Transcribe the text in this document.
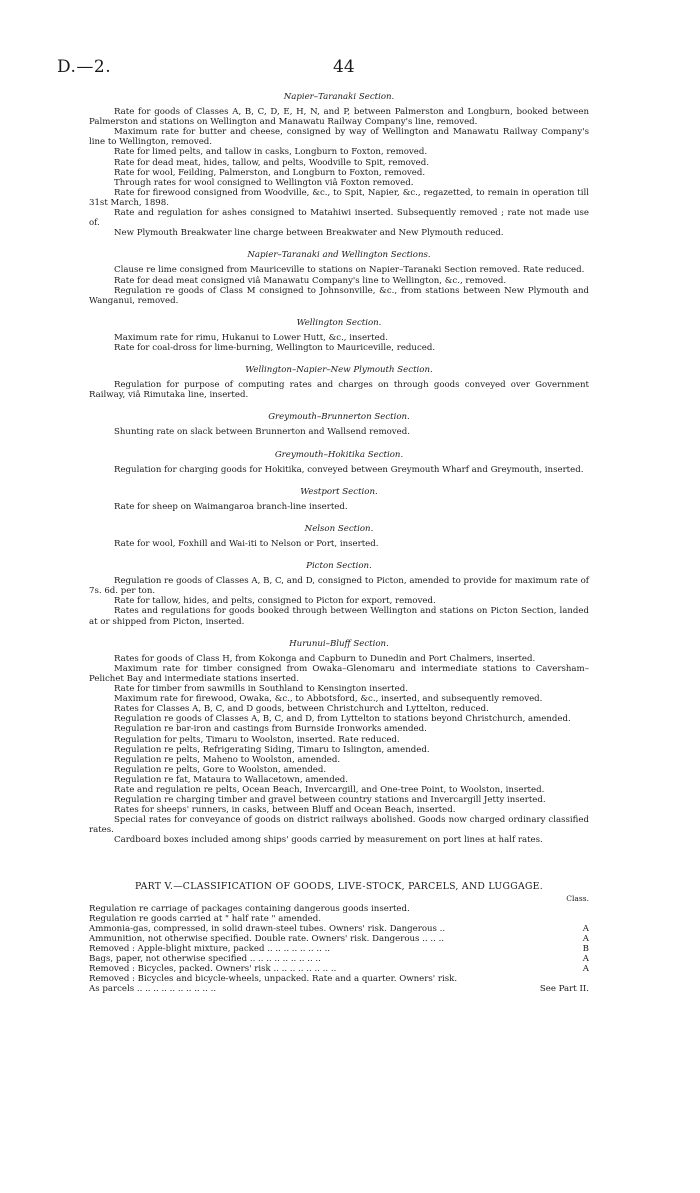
D.—2.	44
Napier–Taranaki Section.

Rate for goods of Classes A, B, C, D, E, H, N, and P, between Palmerston and Longburn, booked between Palmerston and stations on Wellington and Manawatu Railway Company's line, removed.

Maximum rate for butter and cheese, consigned by way of Wellington and Manawatu Railway Company's line to Wellington, removed.

Rate for limed pelts, and tallow in casks, Longburn to Foxton, removed.

Rate for dead meat, hides, tallow, and pelts, Woodville to Spit, removed.

Rate for wool, Feilding, Palmerston, and Longburn to Foxton, removed.

Through rates for wool consigned to Wellington viâ Foxton removed.

Rate for firewood consigned from Woodville, &c., to Spit, Napier, &c., regazetted, to remain in operation till 31st March, 1898.

Rate and regulation for ashes consigned to Matahiwi inserted. Subsequently removed ; rate not made use of.

New Plymouth Breakwater line charge between Breakwater and New Plymouth reduced.

Napier–Taranaki and Wellington Sections.

Clause re lime consigned from Mauriceville to stations on Napier–Taranaki Section removed. Rate reduced.

Rate for dead meat consigned viâ Manawatu Company's line to Wellington, &c., removed.

Regulation re goods of Class M consigned to Johnsonville, &c., from stations between New Plymouth and Wanganui, removed.

Wellington Section.

Maximum rate for rimu, Hukanui to Lower Hutt, &c., inserted.

Rate for coal-dross for lime-burning, Wellington to Mauriceville, reduced.

Wellington–Napier–New Plymouth Section.

Regulation for purpose of computing rates and charges on through goods conveyed over Government Railway, viâ Rimutaka line, inserted.

Greymouth–Brunnerton Section.

Shunting rate on slack between Brunnerton and Wallsend removed.

Greymouth–Hokitika Section.

Regulation for charging goods for Hokitika, conveyed between Greymouth Wharf and Greymouth, inserted.

Westport Section.

Rate for sheep on Waimangaroa branch-line inserted.

Nelson Section.

Rate for wool, Foxhill and Wai-iti to Nelson or Port, inserted.

Picton Section.

Regulation re goods of Classes A, B, C, and D, consigned to Picton, amended to provide for maximum rate of 7s. 6d. per ton.

Rate for tallow, hides, and pelts, consigned to Picton for export, removed.

Rates and regulations for goods booked through between Wellington and stations on Picton Section, landed at or shipped from Picton, inserted.

Hurunui–Bluff Section.

Rates for goods of Class H, from Kokonga and Capburn to Dunedin and Port Chalmers, inserted.

Maximum rate for timber consigned from Owaka–Glenomaru and intermediate stations to Caversham–Pelichet Bay and intermediate stations inserted.

Rate for timber from sawmills in Southland to Kensington inserted.

Maximum rate for firewood, Owaka, &c., to Abbotsford, &c., inserted, and subsequently removed.

Rates for Classes A, B, C, and D goods, between Christchurch and Lyttelton, reduced.

Regulation re goods of Classes A, B, C, and D, from Lyttelton to stations beyond Christchurch, amended.

Regulation re bar-iron and castings from Burnside Ironworks amended.

Regulation for pelts, Timaru to Woolston, inserted. Rate reduced.

Regulation re pelts, Refrigerating Siding, Timaru to Islington, amended.

Regulation re pelts, Maheno to Woolston, amended.

Regulation re pelts, Gore to Woolston, amended.

Regulation re fat, Mataura to Wallacetown, amended.

Rate and regulation re pelts, Ocean Beach, Invercargill, and One-tree Point, to Woolston, inserted.

Regulation re charging timber and gravel between country stations and Invercargill Jetty inserted.

Rates for sheeps' runners, in casks, between Bluff and Ocean Beach, inserted.

Special rates for conveyance of goods on district railways abolished. Goods now charged ordinary classified rates.

Cardboard boxes included among ships' goods carried by measurement on port lines at half rates.

PART V.—CLASSIFICATION OF GOODS, LIVE-STOCK, PARCELS, AND LUGGAGE.
Class.
Regulation re carriage of packages containing dangerous goods inserted.
Regulation re goods carried at " half rate " amended.
Ammonia-gas, compressed, in solid drawn-steel tubes. Owners' risk. Dangerous ..	A
Ammunition, not otherwise specified. Double rate. Owners' risk. Dangerous .. .. ..	A
Removed : Apple-blight mixture, packed .. .. .. .. .. .. .. ..	B
Bags, paper, not otherwise specified .. .. .. .. .. .. .. .. ..	A
Removed : Bicycles, packed. Owners' risk .. .. .. .. .. .. .. ..	A
Removed : Bicycles and bicycle-wheels, unpacked. Rate and a quarter. Owners' risk.
As parcels .. .. .. .. .. .. .. .. .. ..	See Part II.
